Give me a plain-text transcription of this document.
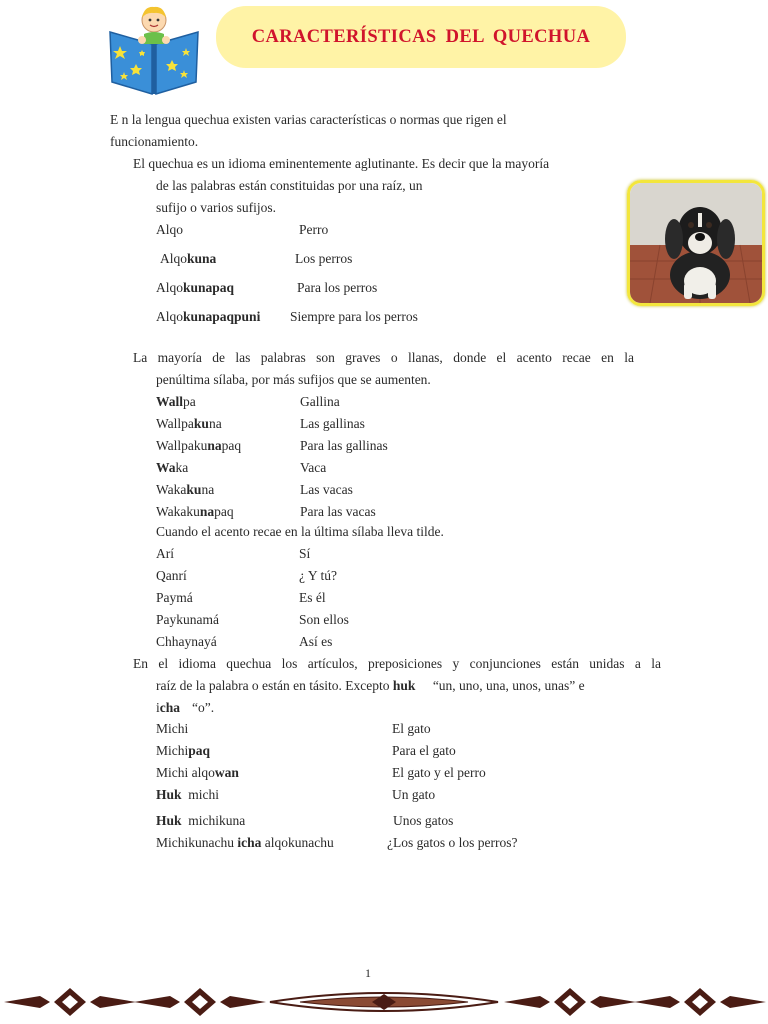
CARACTERÍSTICAS DEL QUECHUA
E n la lengua quechua existen varias características o normas que rigen el
funcionamiento.
El quechua es un idioma eminentemente aglutinante. Es decir que la mayoría
de las palabras están constituidas por una raíz, un
sufijo o varios sufijos.
Alqo	Perro
Alqokuna	Los perros
Alqokunapaq	Para los perros
Alqokunapaqpuni Siempre para los perros
La mayoría de las palabras son graves o llanas, donde el acento recae en la
penúltima sílaba, por más sufijos que se aumenten.
Wallpa	Gallina
Wallpakuna	Las gallinas
Wallpakunapaq	Para las gallinas
Waka	Vaca
Wakakuna	Las vacas
Wakakunapaq	Para las vacas
Cuando el acento recae en la última sílaba lleva tilde.
Arí	Sí
Qanrí	¿ Y tú?
Paymá	Es él
Paykunamá	Son ellos
Chhaynayá	Así es
En el idioma quechua los artículos, preposiciones y conjunciones están unidas a la
raíz de la palabra o están en tásito. Excepto huk “un, uno, una, unos, unas” e
icha “o”.
Michi	El gato
Michipaq	Para el gato
Michi alqowan	El gato y el perro
Huk  michi	Un gato
Huk  michikuna	Unos gatos
Michikunachu icha alqokunachu	¿Los gatos o los perros?
1
